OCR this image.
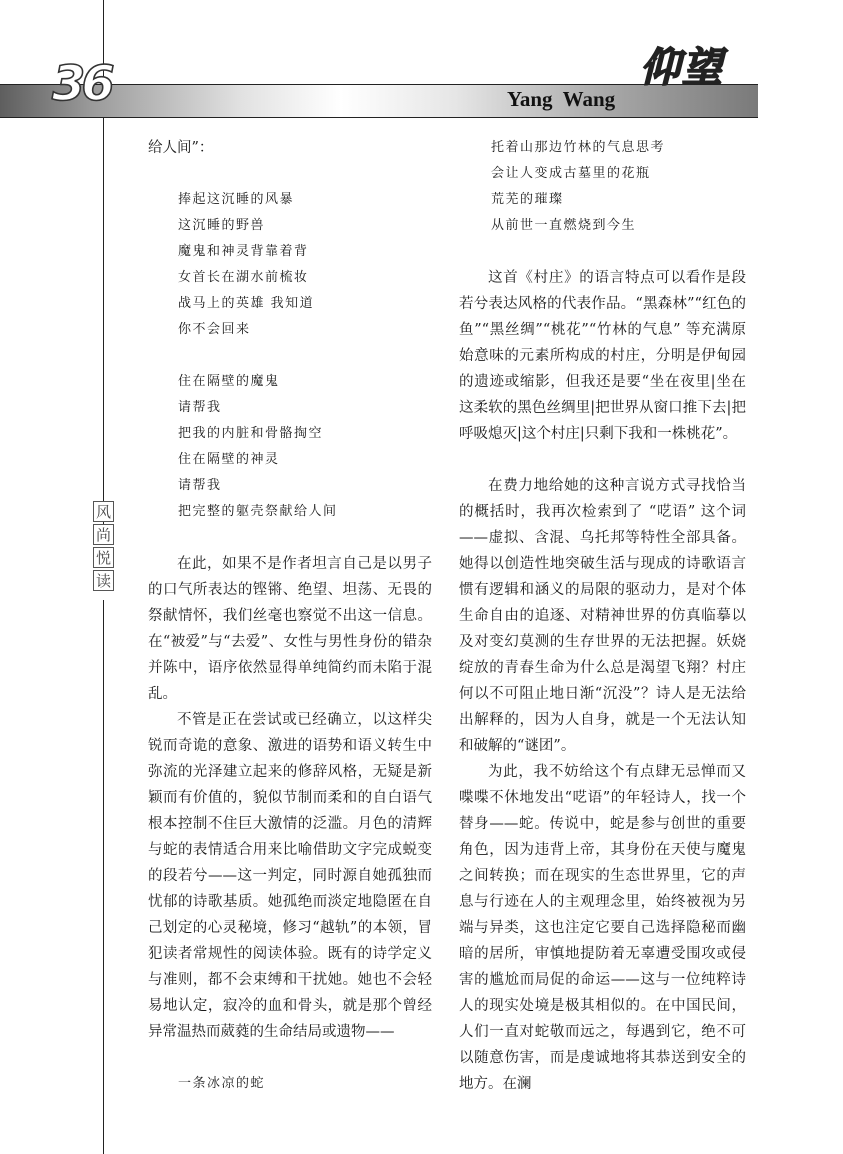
36	仰望
Yang  Wang
风
尚
悦
读

给人间”：

捧起这沉睡的风暴
这沉睡的野兽
魔鬼和神灵背靠着背
女首长在湖水前梳妆
战马上的英雄 我知道
你不会回来
住在隔壁的魔鬼
请帮我
把我的内脏和骨骼掏空
住在隔壁的神灵
请帮我
把完整的躯壳祭献给人间

在此，如果不是作者坦言自己是以男子的口气所表达的铿锵、绝望、坦荡、无畏的祭献情怀，我们丝毫也察觉不出这一信息。在“被爱”与“去爱”、女性与男性身份的错杂并陈中，语序依然显得单纯简约而未陷于混乱。

不管是正在尝试或已经确立，以这样尖锐而奇诡的意象、激进的语势和语义转生中弥流的光泽建立起来的修辞风格，无疑是新颖而有价值的，貌似节制而柔和的自白语气根本控制不住巨大激情的泛滥。月色的清辉与蛇的表情适合用来比喻借助文字完成蜕变的段若兮——这一判定，同时源自她孤独而忧郁的诗歌基质。她孤绝而淡定地隐匿在自己划定的心灵秘境，修习“越轨”的本领，冒犯读者常规性的阅读体验。既有的诗学定义与准则，都不会束缚和干扰她。她也不会轻易地认定，寂冷的血和骨头，就是那个曾经异常温热而葳蕤的生命结局或遗物——

一条冰凉的蛇
托着山那边竹林的气息思考
会让人变成古墓里的花瓶
荒芜的璀璨
从前世一直燃烧到今生

这首《村庄》的语言特点可以看作是段若兮表达风格的代表作品。“黑森林”“红色的鱼”“黑丝绸”“桃花”“竹林的气息” 等充满原始意味的元素所构成的村庄，分明是伊甸园的遗迹或缩影，但我还是要“坐在夜里|坐在这柔软的黑色丝绸里|把世界从窗口推下去|把呼吸熄灭|这个村庄|只剩下我和一株桃花”。

在费力地给她的这种言说方式寻找恰当的概括时，我再次检索到了 “呓语” 这个词——虚拟、含混、乌托邦等特性全部具备。她得以创造性地突破生活与现成的诗歌语言惯有逻辑和涵义的局限的驱动力，是对个体生命自由的追逐、对精神世界的仿真临摹以及对变幻莫测的生存世界的无法把握。妖娆绽放的青春生命为什么总是渴望飞翔？村庄何以不可阻止地日渐“沉没”？诗人是无法给出解释的，因为人自身，就是一个无法认知和破解的“谜团”。

为此，我不妨给这个有点肆无忌惮而又喋喋不休地发出“呓语”的年轻诗人，找一个替身——蛇。传说中，蛇是参与创世的重要角色，因为违背上帝，其身份在天使与魔鬼之间转换；而在现实的生态世界里，它的声息与行迹在人的主观理念里，始终被视为另端与异类，这也注定它要自己选择隐秘而幽暗的居所，审慎地提防着无辜遭受围攻或侵害的尴尬而局促的命运——这与一位纯粹诗人的现实处境是极其相似的。在中国民间，人们一直对蛇敬而远之，每遇到它，绝不可以随意伤害，而是虔诚地将其恭送到安全的地方。在澜
